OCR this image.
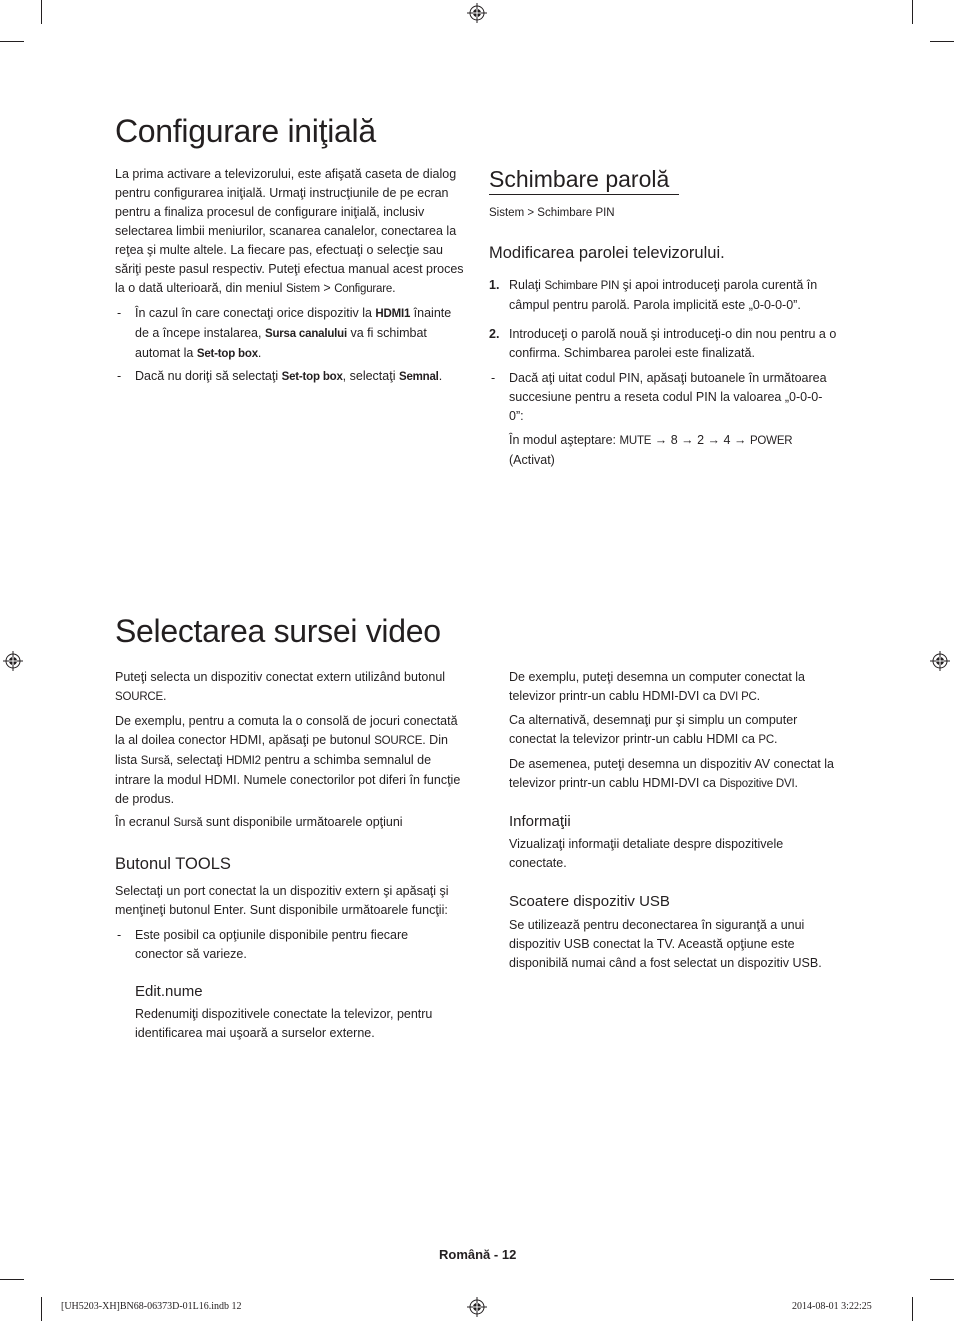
Configurare iniţială

La prima activare a televizorului, este afişată caseta de dialog pentru configurarea iniţială. Urmaţi instrucţiunile de pe ecran pentru a finaliza procesul de configurare iniţială, inclusiv selectarea limbii meniurilor, scanarea canalelor, conectarea la reţea şi multe altele. La fiecare pas, efectuaţi o selecţie sau săriţi peste pasul respectiv. Puteţi efectua manual acest proces la o dată ulterioară, din meniul Sistem > Configurare.

- În cazul în care conectaţi orice dispozitiv la HDMI1 înainte de a începe instalarea, Sursa canalului va fi schimbat automat la Set-top box.

- Dacă nu doriţi să selectaţi Set-top box, selectaţi Semnal.

Schimbare parolă
Sistem > Schimbare PIN
Modificarea parolei televizorului.
1. Rulaţi Schimbare PIN şi apoi introduceţi parola curentă în câmpul pentru parolă. Parola implicită este „0-0-0-0”.

2. Introduceţi o parolă nouă şi introduceţi-o din nou pentru a o confirma. Schimbarea parolei este finalizată.

- Dacă aţi uitat codul PIN, apăsaţi butoanele în următoarea succesiune pentru a reseta codul PIN la valoarea „0-0-0-0”:

În modul aşteptare: MUTE → 8 → 2 → 4 → POWER (Activat)

Selectarea sursei video

Puteţi selecta un dispozitiv conectat extern utilizând butonul SOURCE.

De exemplu, pentru a comuta la o consolă de jocuri conectată la al doilea conector HDMI, apăsaţi pe butonul SOURCE. Din lista Sursă, selectaţi HDMI2 pentru a schimba semnalul de intrare la modul HDMI. Numele conectorilor pot diferi în funcţie de produs.

În ecranul Sursă sunt disponibile următoarele opţiuni

Butonul TOOLS

Selectaţi un port conectat la un dispozitiv extern şi apăsaţi şi menţineţi butonul Enter. Sunt disponibile următoarele funcţii:

- Este posibil ca opţiunile disponibile pentru fiecare conector să varieze.

Edit.nume

Redenumiţi dispozitivele conectate la televizor, pentru identificarea mai uşoară a surselor externe.

De exemplu, puteţi desemna un computer conectat la televizor printr-un cablu HDMI-DVI ca DVI PC.

Ca alternativă, desemnaţi pur şi simplu un computer conectat la televizor printr-un cablu HDMI ca PC.

De asemenea, puteţi desemna un dispozitiv AV conectat la televizor printr-un cablu HDMI-DVI ca Dispozitive DVI.

Informaţii

Vizualizaţi informaţii detaliate despre dispozitivele conectate.

Scoatere dispozitiv USB

Se utilizează pentru deconectarea în siguranţă a unui dispozitiv USB conectat la TV. Această opţiune este disponibilă numai când a fost selectat un dispozitiv USB.

Română - 12
[UH5203-XH]BN68-06373D-01L16.indb 12	2014-08-01 3:22:25
